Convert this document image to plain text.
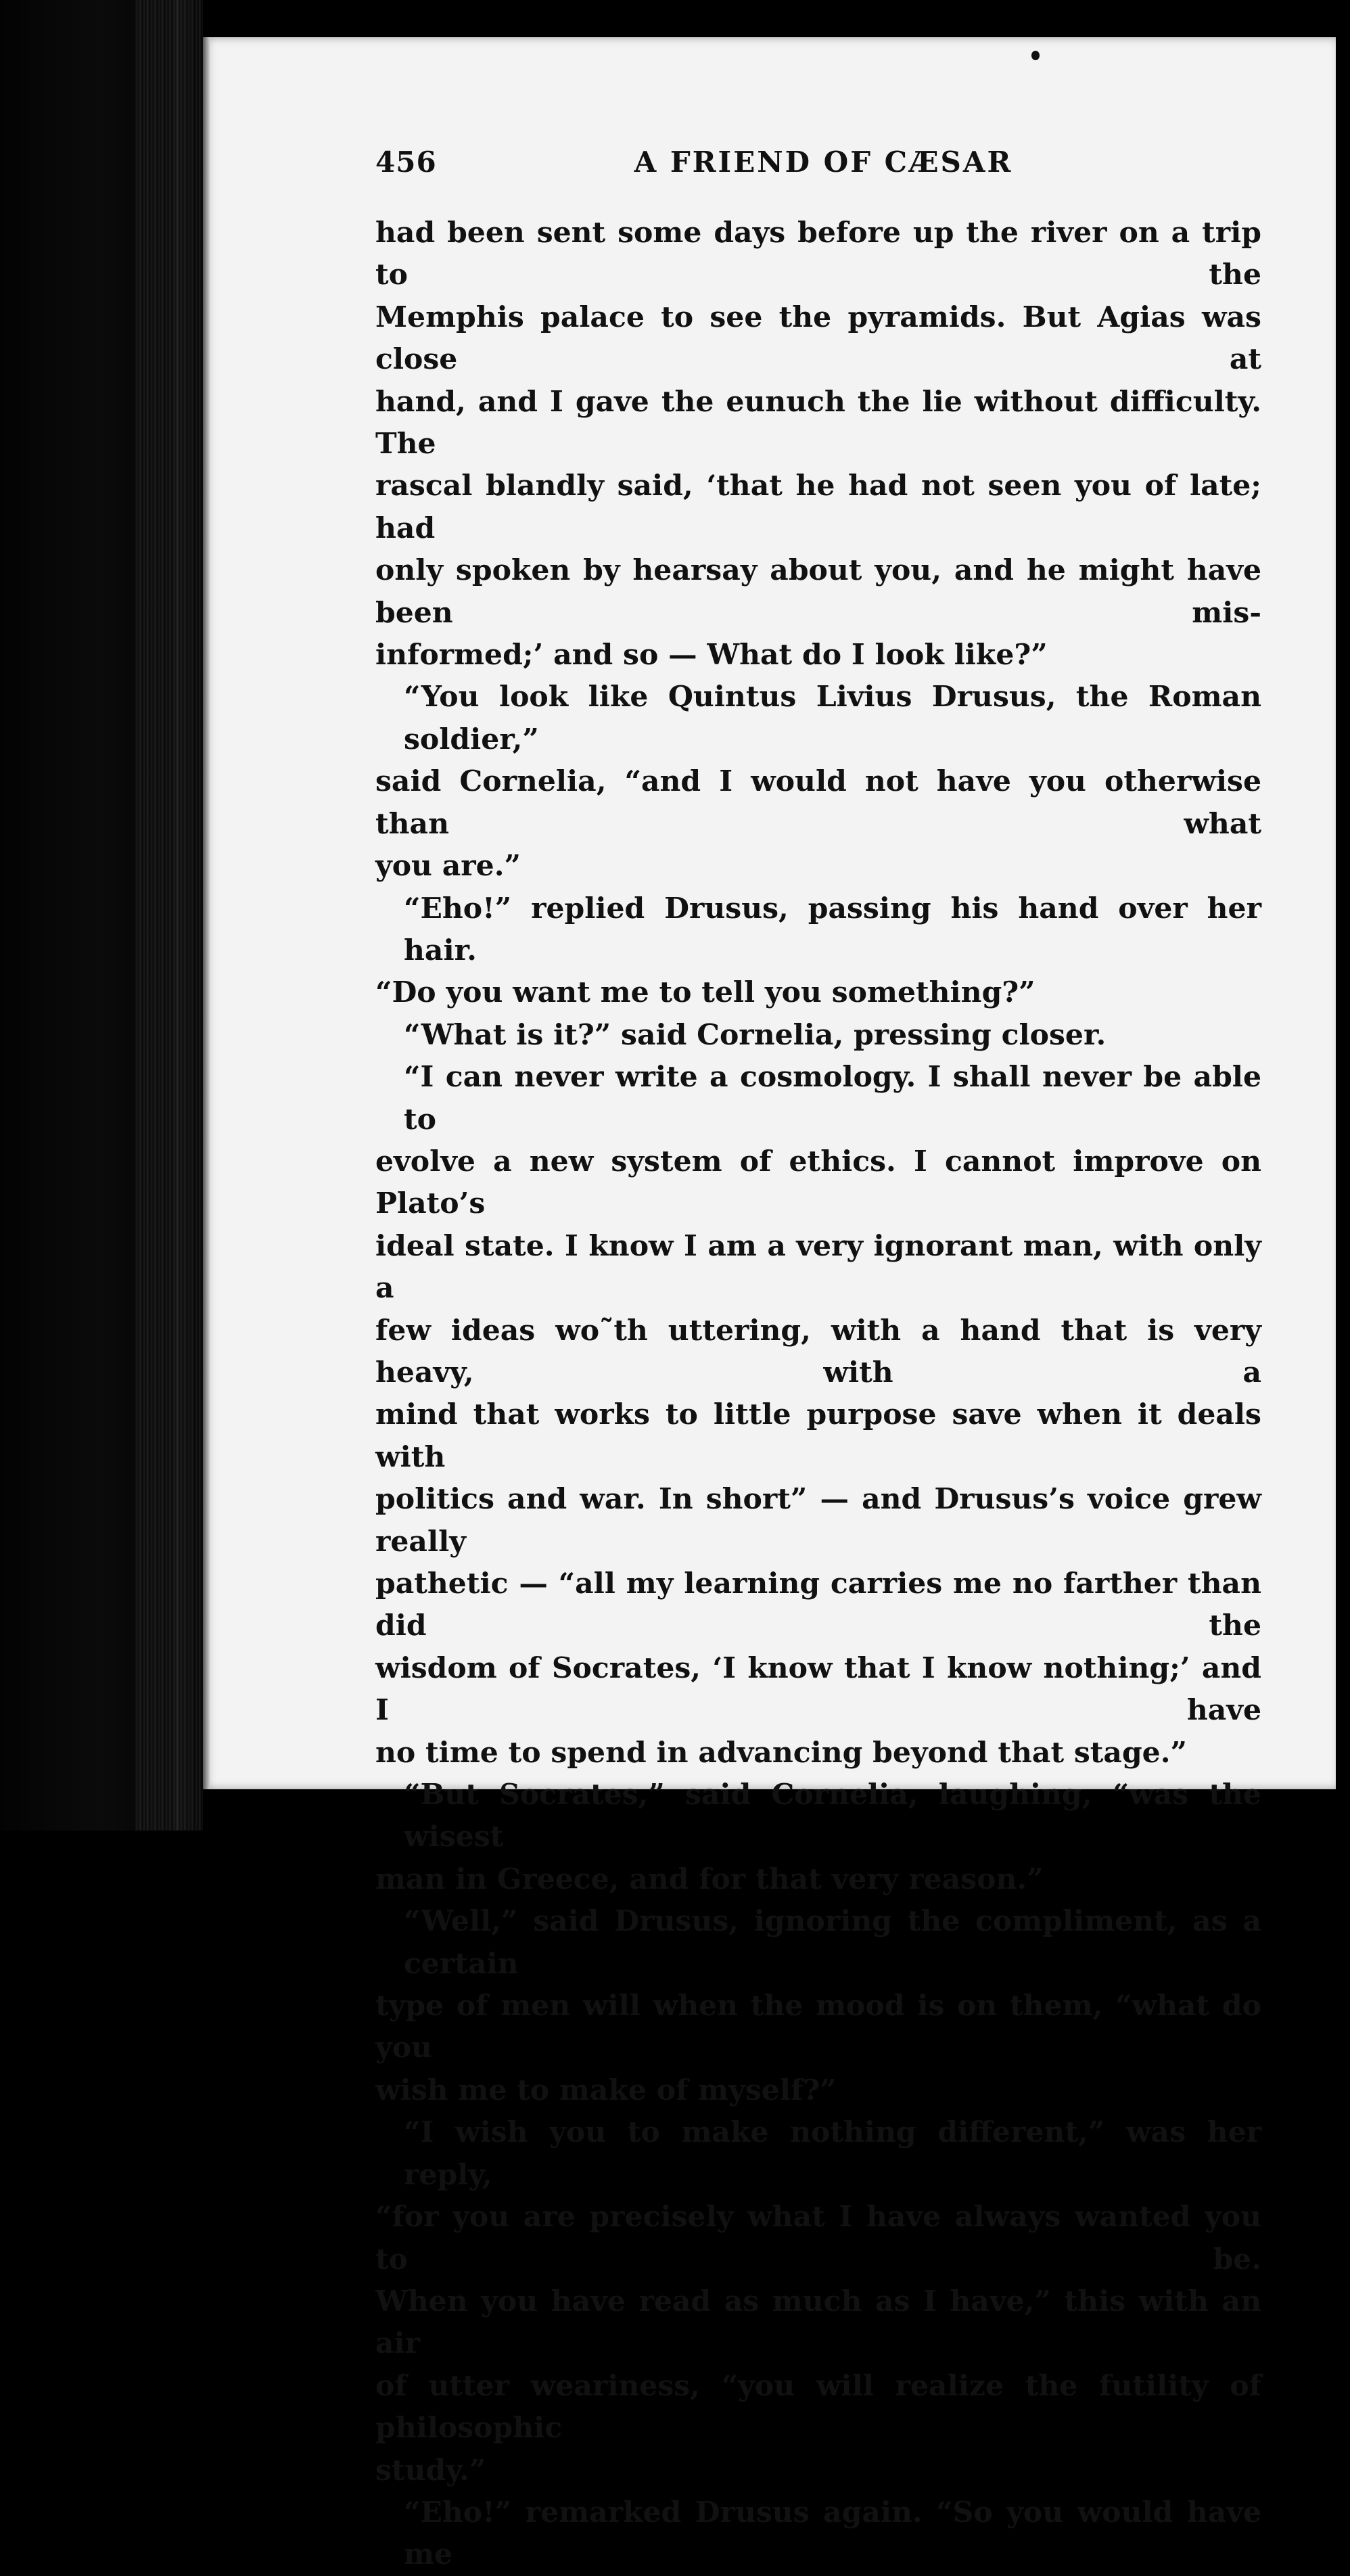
456	A FRIEND OF CÆSAR

had been sent some days before up the river on a trip to the

Memphis palace to see the pyramids. But Agias was close at

hand, and I gave the eunuch the lie without difficulty. The

rascal blandly said, ‘that he had not seen you of late; had

only spoken by hearsay about you, and he might have been mis-

informed;’ and so — What do I look like?”

“You look like Quintus Livius Drusus, the Roman soldier,”

said Cornelia, “and I would not have you otherwise than what

you are.”

“Eho!” replied Drusus, passing his hand over her hair.

“Do you want me to tell you something?”

“What is it?” said Cornelia, pressing closer.

“I can never write a cosmology. I shall never be able to

evolve a new system of ethics. I cannot improve on Plato’s

ideal state. I know I am a very ignorant man, with only a

few ideas wo˜th uttering, with a hand that is very heavy, with a

mind that works to little purpose save when it deals with

politics and war. In short” — and Drusus’s voice grew really

pathetic — “all my learning carries me no farther than did the

wisdom of Socrates, ‘I know that I know nothing;’ and I have

no time to spend in advancing beyond that stage.”

“But Socrates,” said Cornelia, laughing, “was the wisest

man in Greece, and for that very reason.”

“Well,” said Drusus, ignoring the compliment, as a certain

type of men will when the mood is on them, “what do you

wish me to make of myself?”

“I wish you to make nothing different,” was her reply,

“for you are precisely what I have always wanted you to be.

When you have read as much as I have,” this with an air

of utter weariness, “you will realize the futility of philosophic

study.”

“Eho!” remarked Drusus again. “So you would have me
